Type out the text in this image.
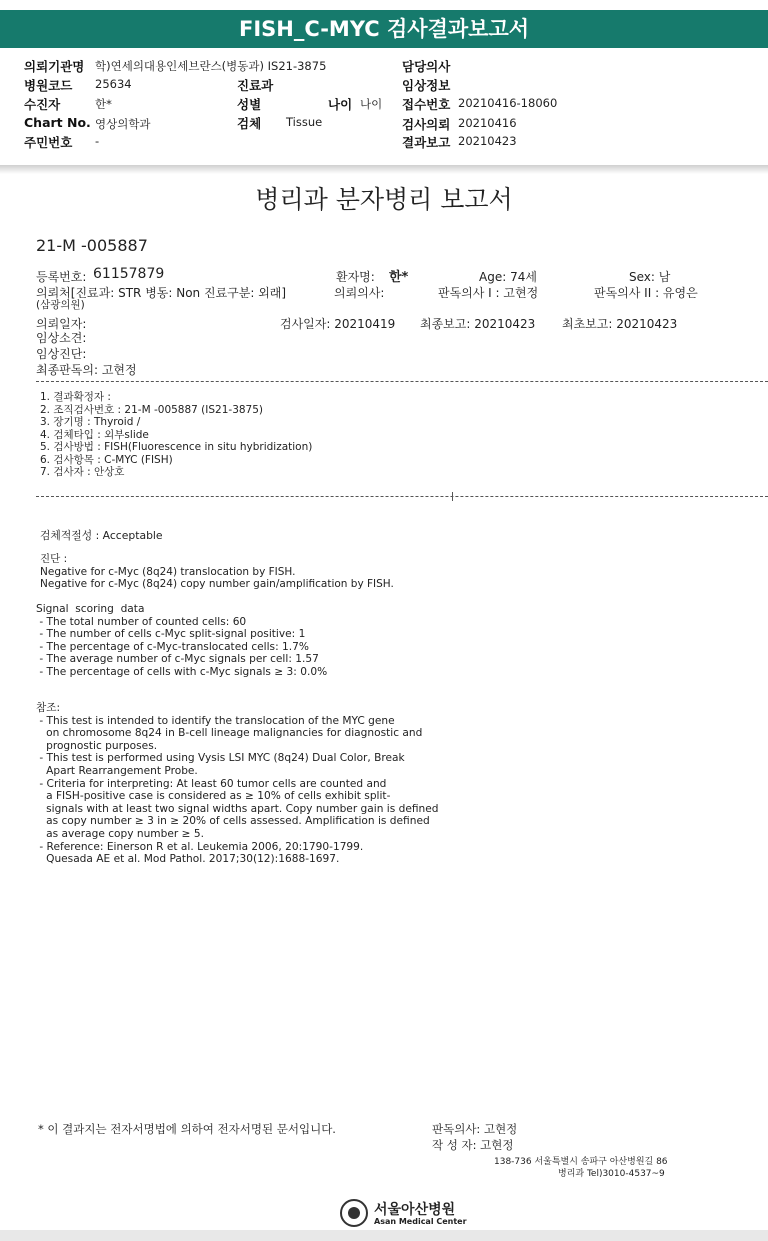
FISH_C-MYC 검사결과보고서
의뢰기관명 학)연세의대용인세브란스(병동과) IS21-3875	담당의사
병원코드 25634	진료과	임상정보
수진자	한*	성별	나이 나이 접수번호 20210416-18060
Chart No. 영상의학과	검체 Tissue	검사의뢰 20210416
주민번호 -	결과보고 20210423
병리과 분자병리 보고서
21-M -005887
등록번호: 61157879	환자명: 한*	Age: 74세	Sex: 남
의뢰처[진료과: STR 병동: Non 진료구분: 외래]	의뢰의사:	판독의사 I : 고현정	판독의사 II : 유영은
(삼광의원)
의뢰일자:	검사일자: 20210419 최종보고: 20210423 최초보고: 20210423
임상소견:
임상진단:
최종판독의: 고현정
1. 결과확정자 :
2. 조직검사번호 : 21-M -005887 (IS21-3875)
3. 장기명 : Thyroid /
4. 검체타입 : 외부slide
5. 검사방법 : FISH(Fluorescence in situ hybridization)
6. 검사항목 : C-MYC (FISH)
7. 검사자 : 안상호
검체적절성 : Acceptable
진단 :
Negative for c-Myc (8q24) translocation by FISH.
Negative for c-Myc (8q24) copy number gain/amplification by FISH.
Signal  scoring  data
- The total number of counted cells: 60
- The number of cells c-Myc split-signal positive: 1
- The percentage of c-Myc-translocated cells: 1.7%
- The average number of c-Myc signals per cell: 1.57
- The percentage of cells with c-Myc signals ≥ 3: 0.0%
참조:
- This test is intended to identify the translocation of the MYC gene
on chromosome 8q24 in B-cell lineage malignancies for diagnostic and
prognostic purposes.
- This test is performed using Vysis LSI MYC (8q24) Dual Color, Break
Apart Rearrangement Probe.
- Criteria for interpreting: At least 60 tumor cells are counted and
a FISH-positive case is considered as ≥ 10% of cells exhibit split-
signals with at least two signal widths apart. Copy number gain is defined
as copy number ≥ 3 in ≥ 20% of cells assessed. Amplification is defined
as average copy number ≥ 5.
- Reference: Einerson R et al. Leukemia 2006, 20:1790-1799.
Quesada AE et al. Mod Pathol. 2017;30(12):1688-1697.
* 이 결과지는 전자서명법에 의하여 전자서명된 문서입니다.	판독의사: 고현정
작 성 자: 고현정
138-736 서울특별시 송파구 아산병원길 86
병리과 Tel)3010-4537~9
서울아산병원
Asan Medical Center
